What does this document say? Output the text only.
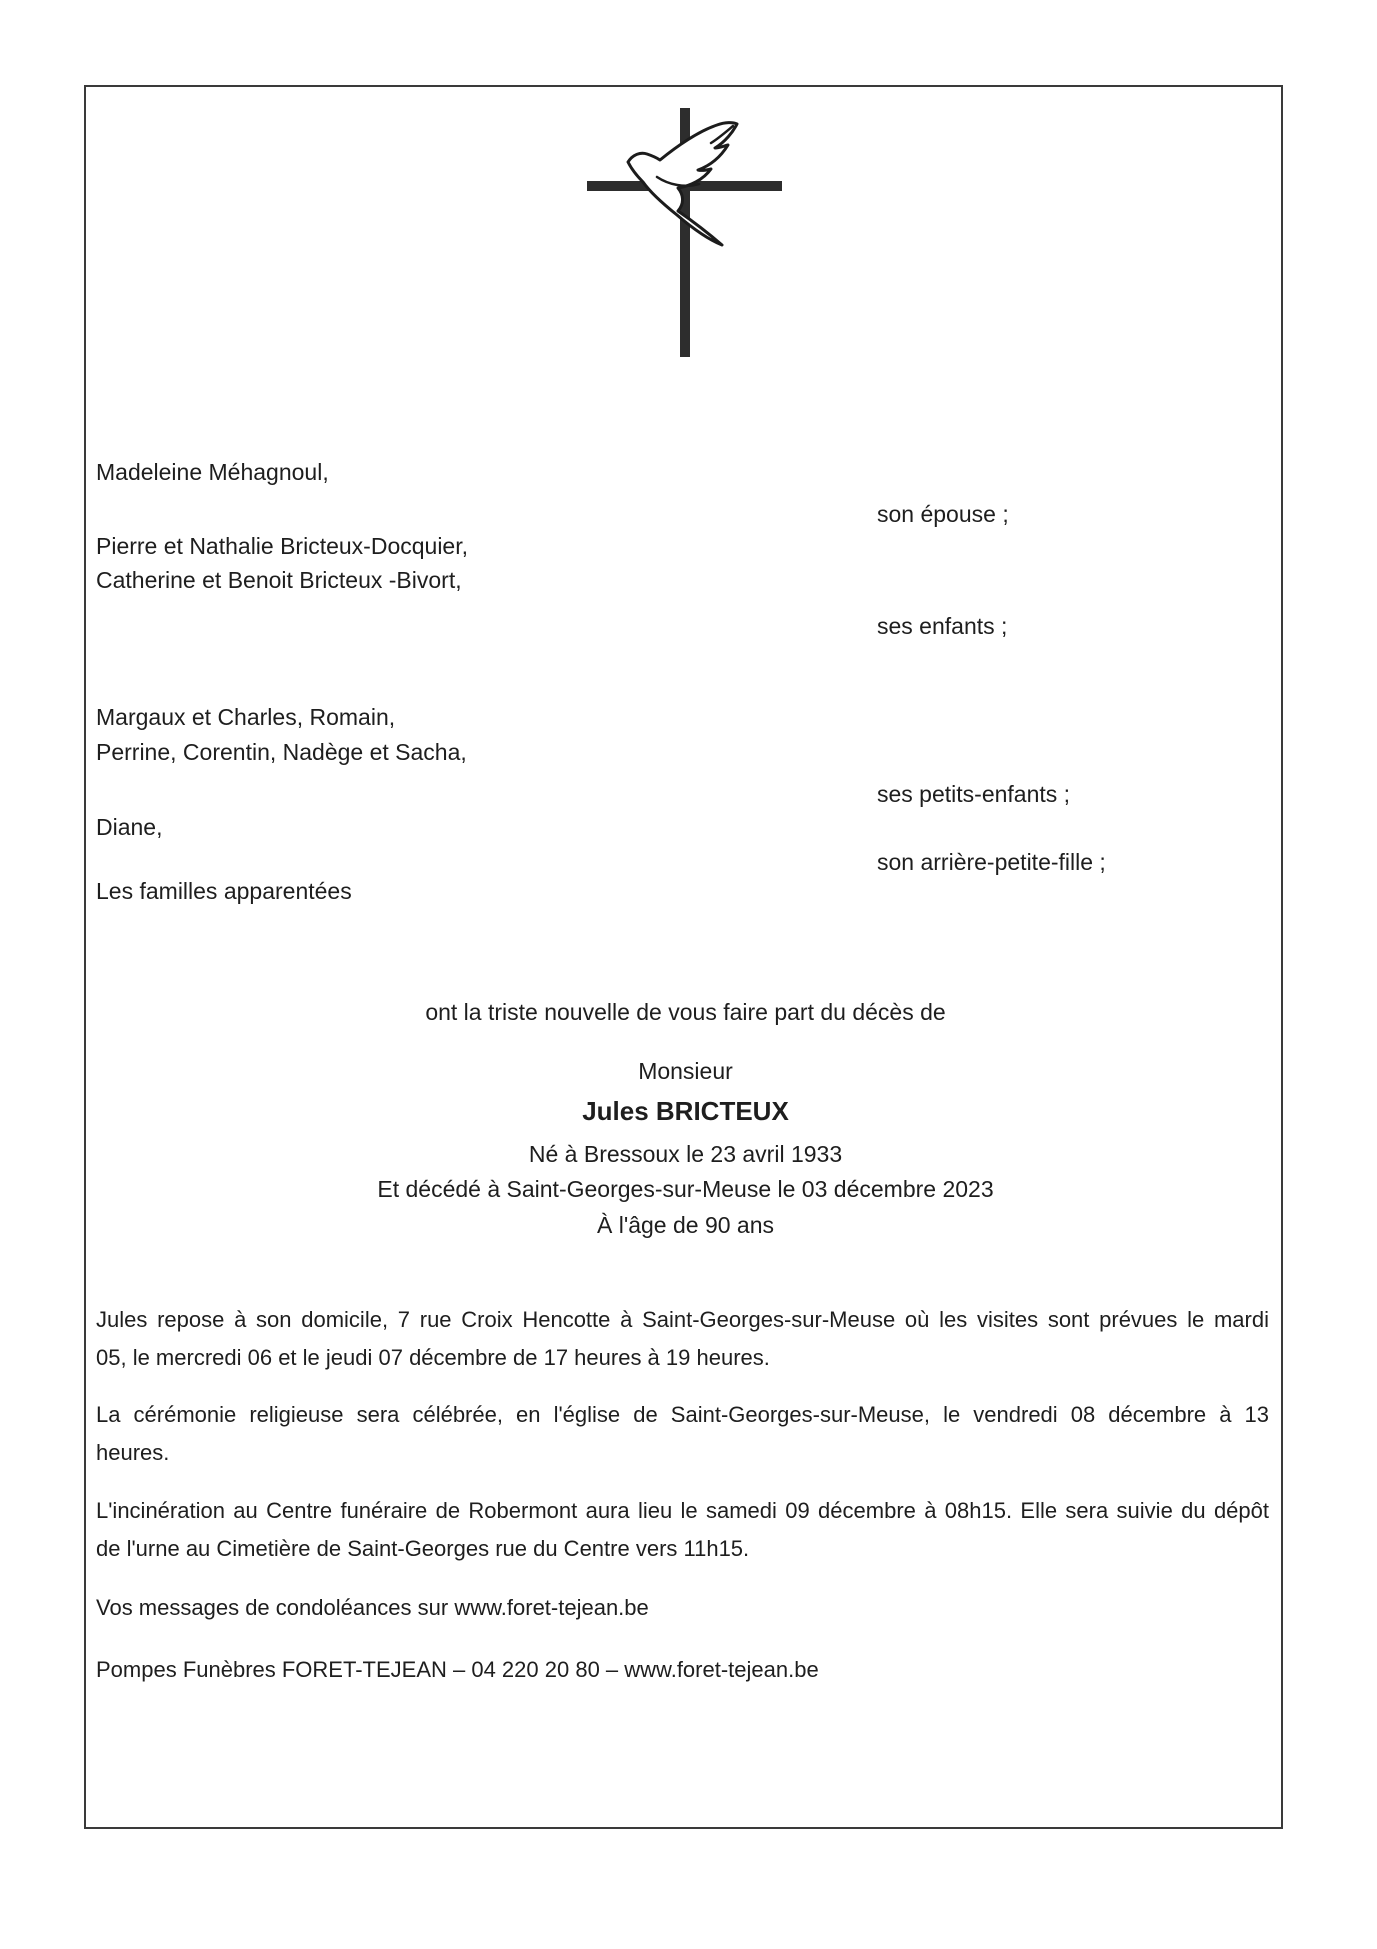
Madeleine Méhagnoul,
Pierre et Nathalie Bricteux-Docquier,
Catherine et Benoit Bricteux -Bivort,
Margaux et Charles, Romain,
Perrine, Corentin, Nadège et Sacha,
Diane,
Les familles apparentées
son épouse ;
ses enfants ;
ses petits-enfants ;
son arrière-petite-fille ;
ont la triste nouvelle de vous faire part du décès de
Monsieur
Jules BRICTEUX
Né à Bressoux le 23 avril 1933
Et décédé à Saint-Georges-sur-Meuse le 03 décembre 2023
À l'âge de 90 ans
Jules repose à son domicile, 7 rue Croix Hencotte à Saint-Georges-sur-Meuse où les visites sont prévues le mardi
05, le mercredi 06 et le jeudi 07 décembre de 17 heures à 19 heures.
La cérémonie religieuse sera célébrée, en l'église de Saint-Georges-sur-Meuse, le vendredi 08 décembre à 13
heures.
L'incinération au Centre funéraire de Robermont aura lieu le samedi 09 décembre à 08h15. Elle sera suivie du dépôt
de l'urne au Cimetière de Saint-Georges rue du Centre vers 11h15.
Vos messages de condoléances sur www.foret-tejean.be
Pompes Funèbres FORET-TEJEAN – 04 220 20 80 – www.foret-tejean.be
